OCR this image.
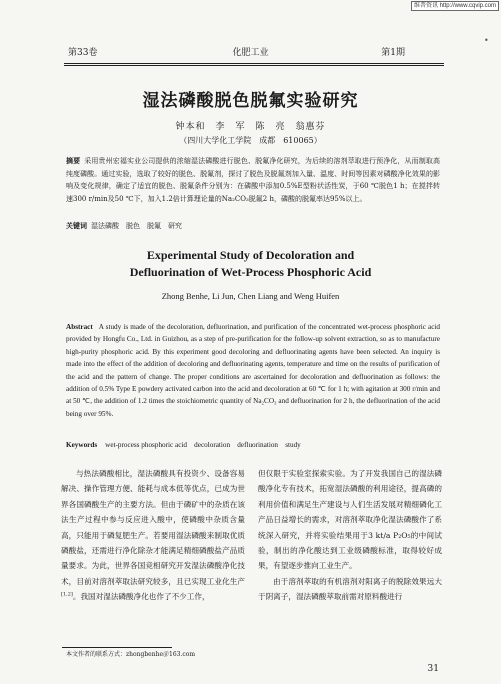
维普资讯 http://www.cqvip.com
•
第33卷	化肥工业	第1期
湿法磷酸脱色脱氟实验研究
钟本和　李　军　陈　亮　翁惠芬
（四川大学化工学院　成都　610065）
摘要 采用贵州宏福实业公司提供的浓缩湿法磷酸进行脱色、脱氟净化研究，为后续的溶剂萃取进行预净化，从而制取高纯度磷酸。通过实验，选取了较好的脱色、脱氟剂，探讨了脱色及脱氟剂加入量、温度、时间等因素对磷酸净化效果的影响及变化规律，确定了适宜的脱色、脱氟条件分别为：在磷酸中添加0.5%E型粉状活性炭，于60 ℃脱色1 h；在搅拌转速300 r/min及50 ℃下，加入1.2倍计算理论量的Na₂CO₃脱氟2 h，磷酸的脱氟率达95%以上。
关键词 湿法磷酸　脱色　脱氟　研究
Experimental Study of Decoloration and
Defluorination of Wet-Process Phosphoric Acid
Zhong Benhe, Li Jun, Chen Liang and Weng Huifen
Abstract A study is made of the decoloration, defluorination, and purification of the concentrated wet-process phosphoric acid provided by Hongfu Co., Ltd. in Guizhou, as a step of pre-purification for the follow-up solvent extraction, so as to manufacture high-purity phosphoric acid. By this experiment good decoloring and defluorinating agents have been selected. An inquiry is made into the effect of the addition of decoloring and defluorinating agents, temperature and time on the results of purification of the acid and the pattern of change. The proper conditions are ascertained for decoloration and defluorination as follows: the addition of 0.5% Type E powdery activated carbon into the acid and decoloration at 60 ℃ for 1 h; with agitation at 300 r/min and at 50 ℃, the addition of 1.2 times the stoichiometric quantity of Na₂CO₃ and defluorination for 2 h, the defluorination of the acid being over 95%.
Keywords wet-process phosphoric acid　decoloration　defluorination　study

与热法磷酸相比，湿法磷酸具有投资少、设备容易解决、操作管理方便、能耗与成本低等优点，已成为世界各国磷酸生产的主要方法。但由于磷矿中的杂质在该法生产过程中参与反应进入酸中，使磷酸中杂质含量高，只能用于磷复肥生产。若要用湿法磷酸来制取优质磷酸盐，还需进行净化除杂才能满足精细磷酸盐产品质量要求。为此，世界各国竞相研究开发湿法磷酸净化技术，目前对溶剂萃取法研究较多，且已实现工业化生产[1,2]。我国对湿法磷酸净化也作了不少工作，

但仅限于实验室探索实验。为了开发我国自己的湿法磷酸净化专有技术，拓宽湿法磷酸的利用途径，提高磷的利用价值和满足生产建设与人们生活发展对精细磷化工产品日益增长的需求，对溶剂萃取净化湿法磷酸作了系统深入研究，并将实验结果用于3 kt/a P₂O₅的中间试验，制出的净化酸达到工业级磷酸标准，取得较好成果，有望逐步推向工业生产。

由于溶剂萃取的有机溶剂对阳离子的脱除效果远大于阴离子，湿法磷酸萃取前需对原料酸进行

本文作者的联系方式：zhongbenhe＠163.com
31
